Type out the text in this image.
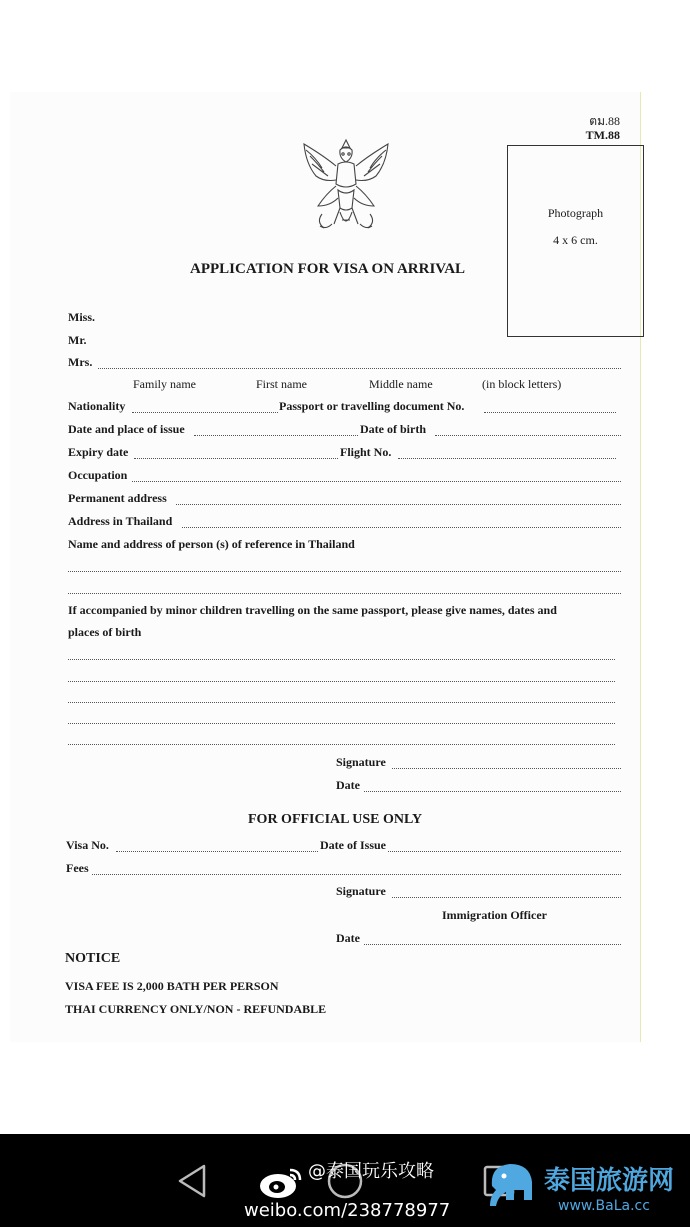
ตม.88
TM.88
APPLICATION FOR VISA ON ARRIVAL
Photograph
4 x 6 cm.
Miss.
Mr.
Mrs.
Family name	First name	Middle name	(in block letters)
Nationality	Passport or travelling document No.
Date and place of issue	Date of birth
Expiry date	Flight No.
Occupation
Permanent address
Address in Thailand
Name and address of person (s) of reference in Thailand
If accompanied by minor children travelling on the same passport, please give names, dates and
places of birth
Signature
Date
FOR OFFICIAL USE ONLY
Visa No.	Date of Issue
Fees
Signature
Immigration Officer
Date
NOTICE
VISA FEE IS 2,000 BATH PER PERSON
THAI CURRENCY ONLY/NON - REFUNDABLE
@泰国玩乐攻略
weibo.com/238778977
泰国旅游网
www.BaLa.cc
